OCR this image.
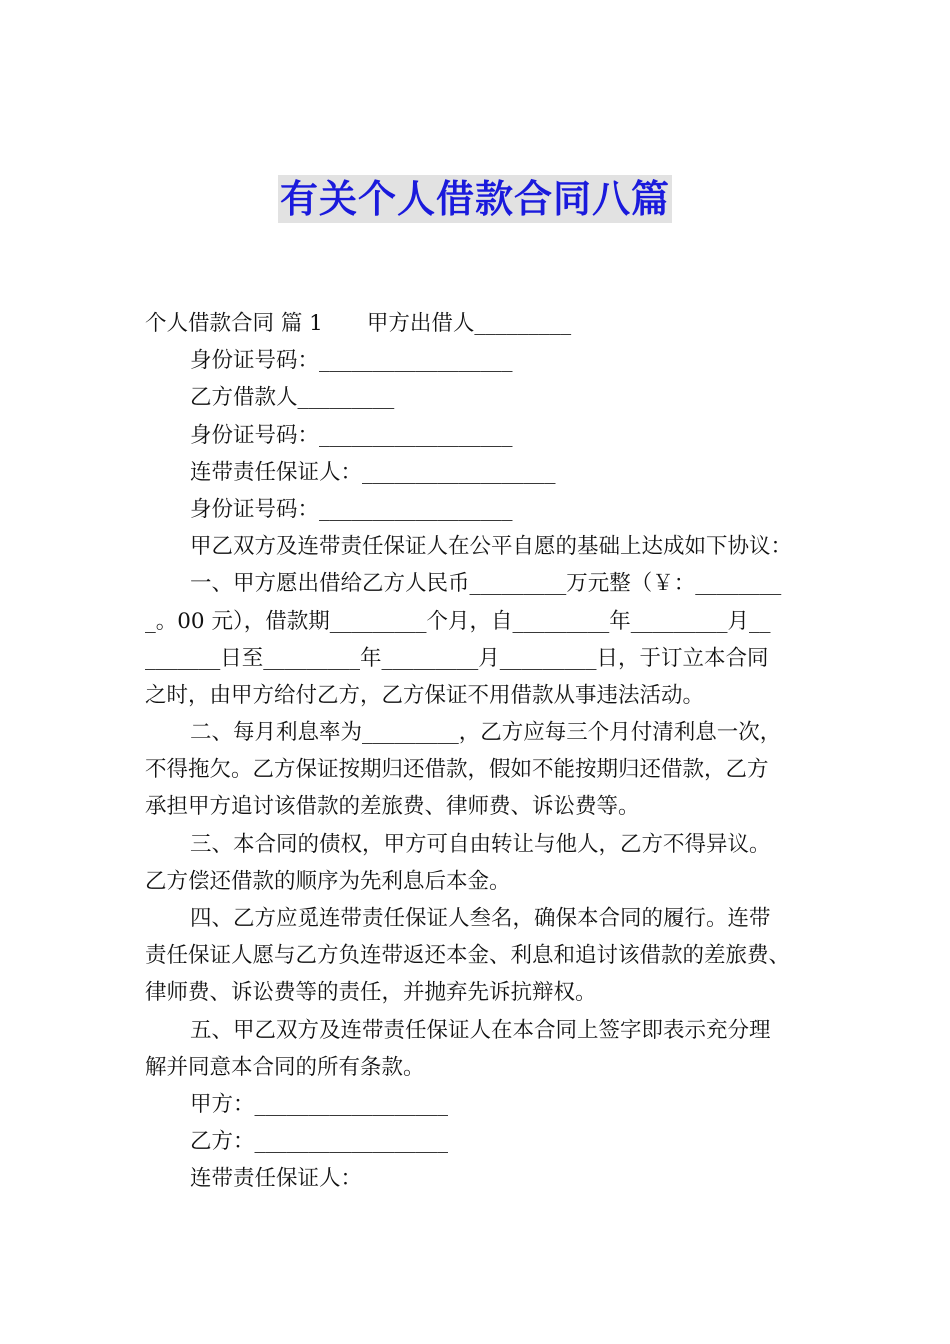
有关个人借款合同八篇
个人借款合同 篇 1 甲方出借人_________
身份证号码：__________________
乙方借款人_________
身份证号码：__________________
连带责任保证人：__________________
身份证号码：__________________
甲乙双方及连带责任保证人在公平自愿的基础上达成如下协议：
一、甲方愿出借给乙方人民币_________万元整（￥：________
_。00 元），借款期_________个月，自_________年_________月__
_______日至_________年_________月_________日，于订立本合同
之时，由甲方给付乙方，乙方保证不用借款从事违法活动。
二、每月利息率为_________，乙方应每三个月付清利息一次，
不得拖欠。乙方保证按期归还借款，假如不能按期归还借款，乙方
承担甲方追讨该借款的差旅费、律师费、诉讼费等。
三、本合同的债权，甲方可自由转让与他人，乙方不得异议。
乙方偿还借款的顺序为先利息后本金。
四、乙方应觅连带责任保证人叁名，确保本合同的履行。连带
责任保证人愿与乙方负连带返还本金、利息和追讨该借款的差旅费、
律师费、诉讼费等的责任，并抛弃先诉抗辩权。
五、甲乙双方及连带责任保证人在本合同上签字即表示充分理
解并同意本合同的所有条款。
甲方：__________________
乙方：__________________
连带责任保证人：
